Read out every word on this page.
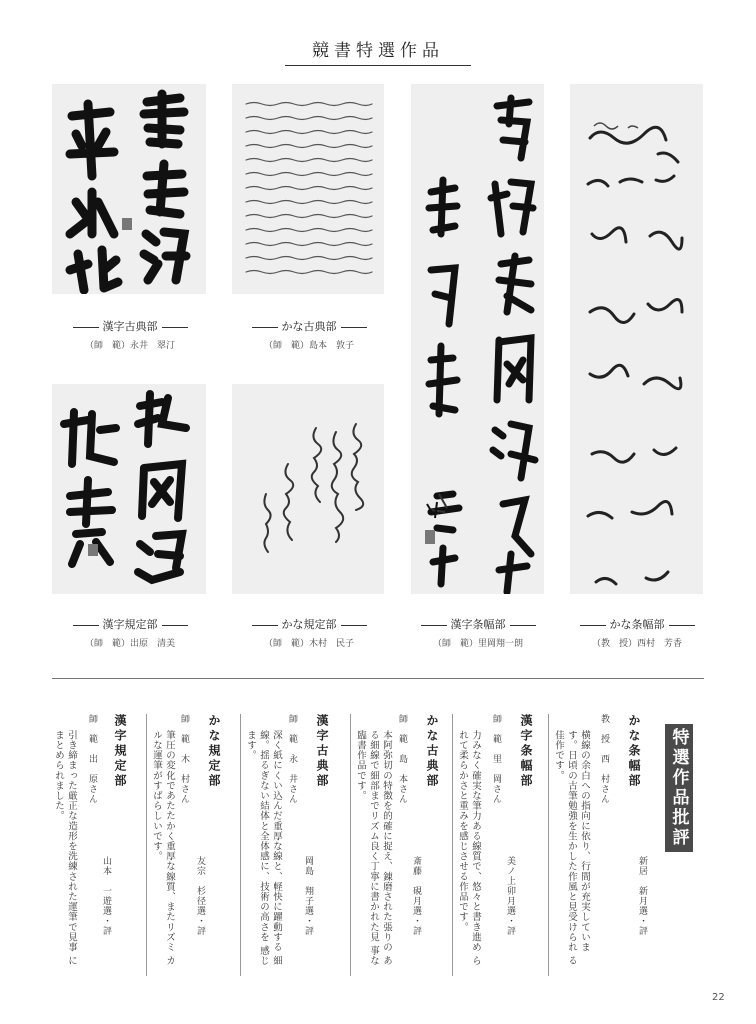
競書特選作品
漢字古典部
（師　範）永井　翠汀
かな古典部
（師　範）島本　敦子
漢字条幅部
（師　範）里岡翔一朗
かな条幅部
（教　授）西村　芳香
漢字規定部
（師　範）出原　清美
かな規定部
（師　範）木村　民子
特選作品批評
かな条幅部
教　授　西　村さん
横線の余白への指向に依り、行間が充実していま す。日頃の古筆勉強を生かした作風と見受けられ る佳作です。
新居　新月選・評
漢字条幅部
師　範　里　岡さん
力みなく確実な筆力ある線質で、悠々と書き進め られて柔らかさと重みを感じさせる作品です。	美ノ上卯月選・評
かな古典部
師　範　島　本さん
本阿弥切の特徴を的確に捉え、錬磨された張りの ある細線で細部までリズム良く丁寧に書かれた見 事な臨書作品です。
斎藤　硯月選・評
漢字古典部
師　範　永　井さん
深く紙にくい込んだ重厚な線と、軽快に躍動する 細線。揺るぎない結体と全体感に、技術の高さを 感じます。
岡島　翔子選・評
かな規定部
師　範　木　村さん
筆圧の変化であたたかく重厚な線質、またリズミ カルな運筆がすばらしいです。
友宗　杉径選・評
漢字規定部
師　範　出　原さん
引き締まった厳正な造形を洗練された運筆で見事 にまとめられました。
山本　一遊選・評
22
